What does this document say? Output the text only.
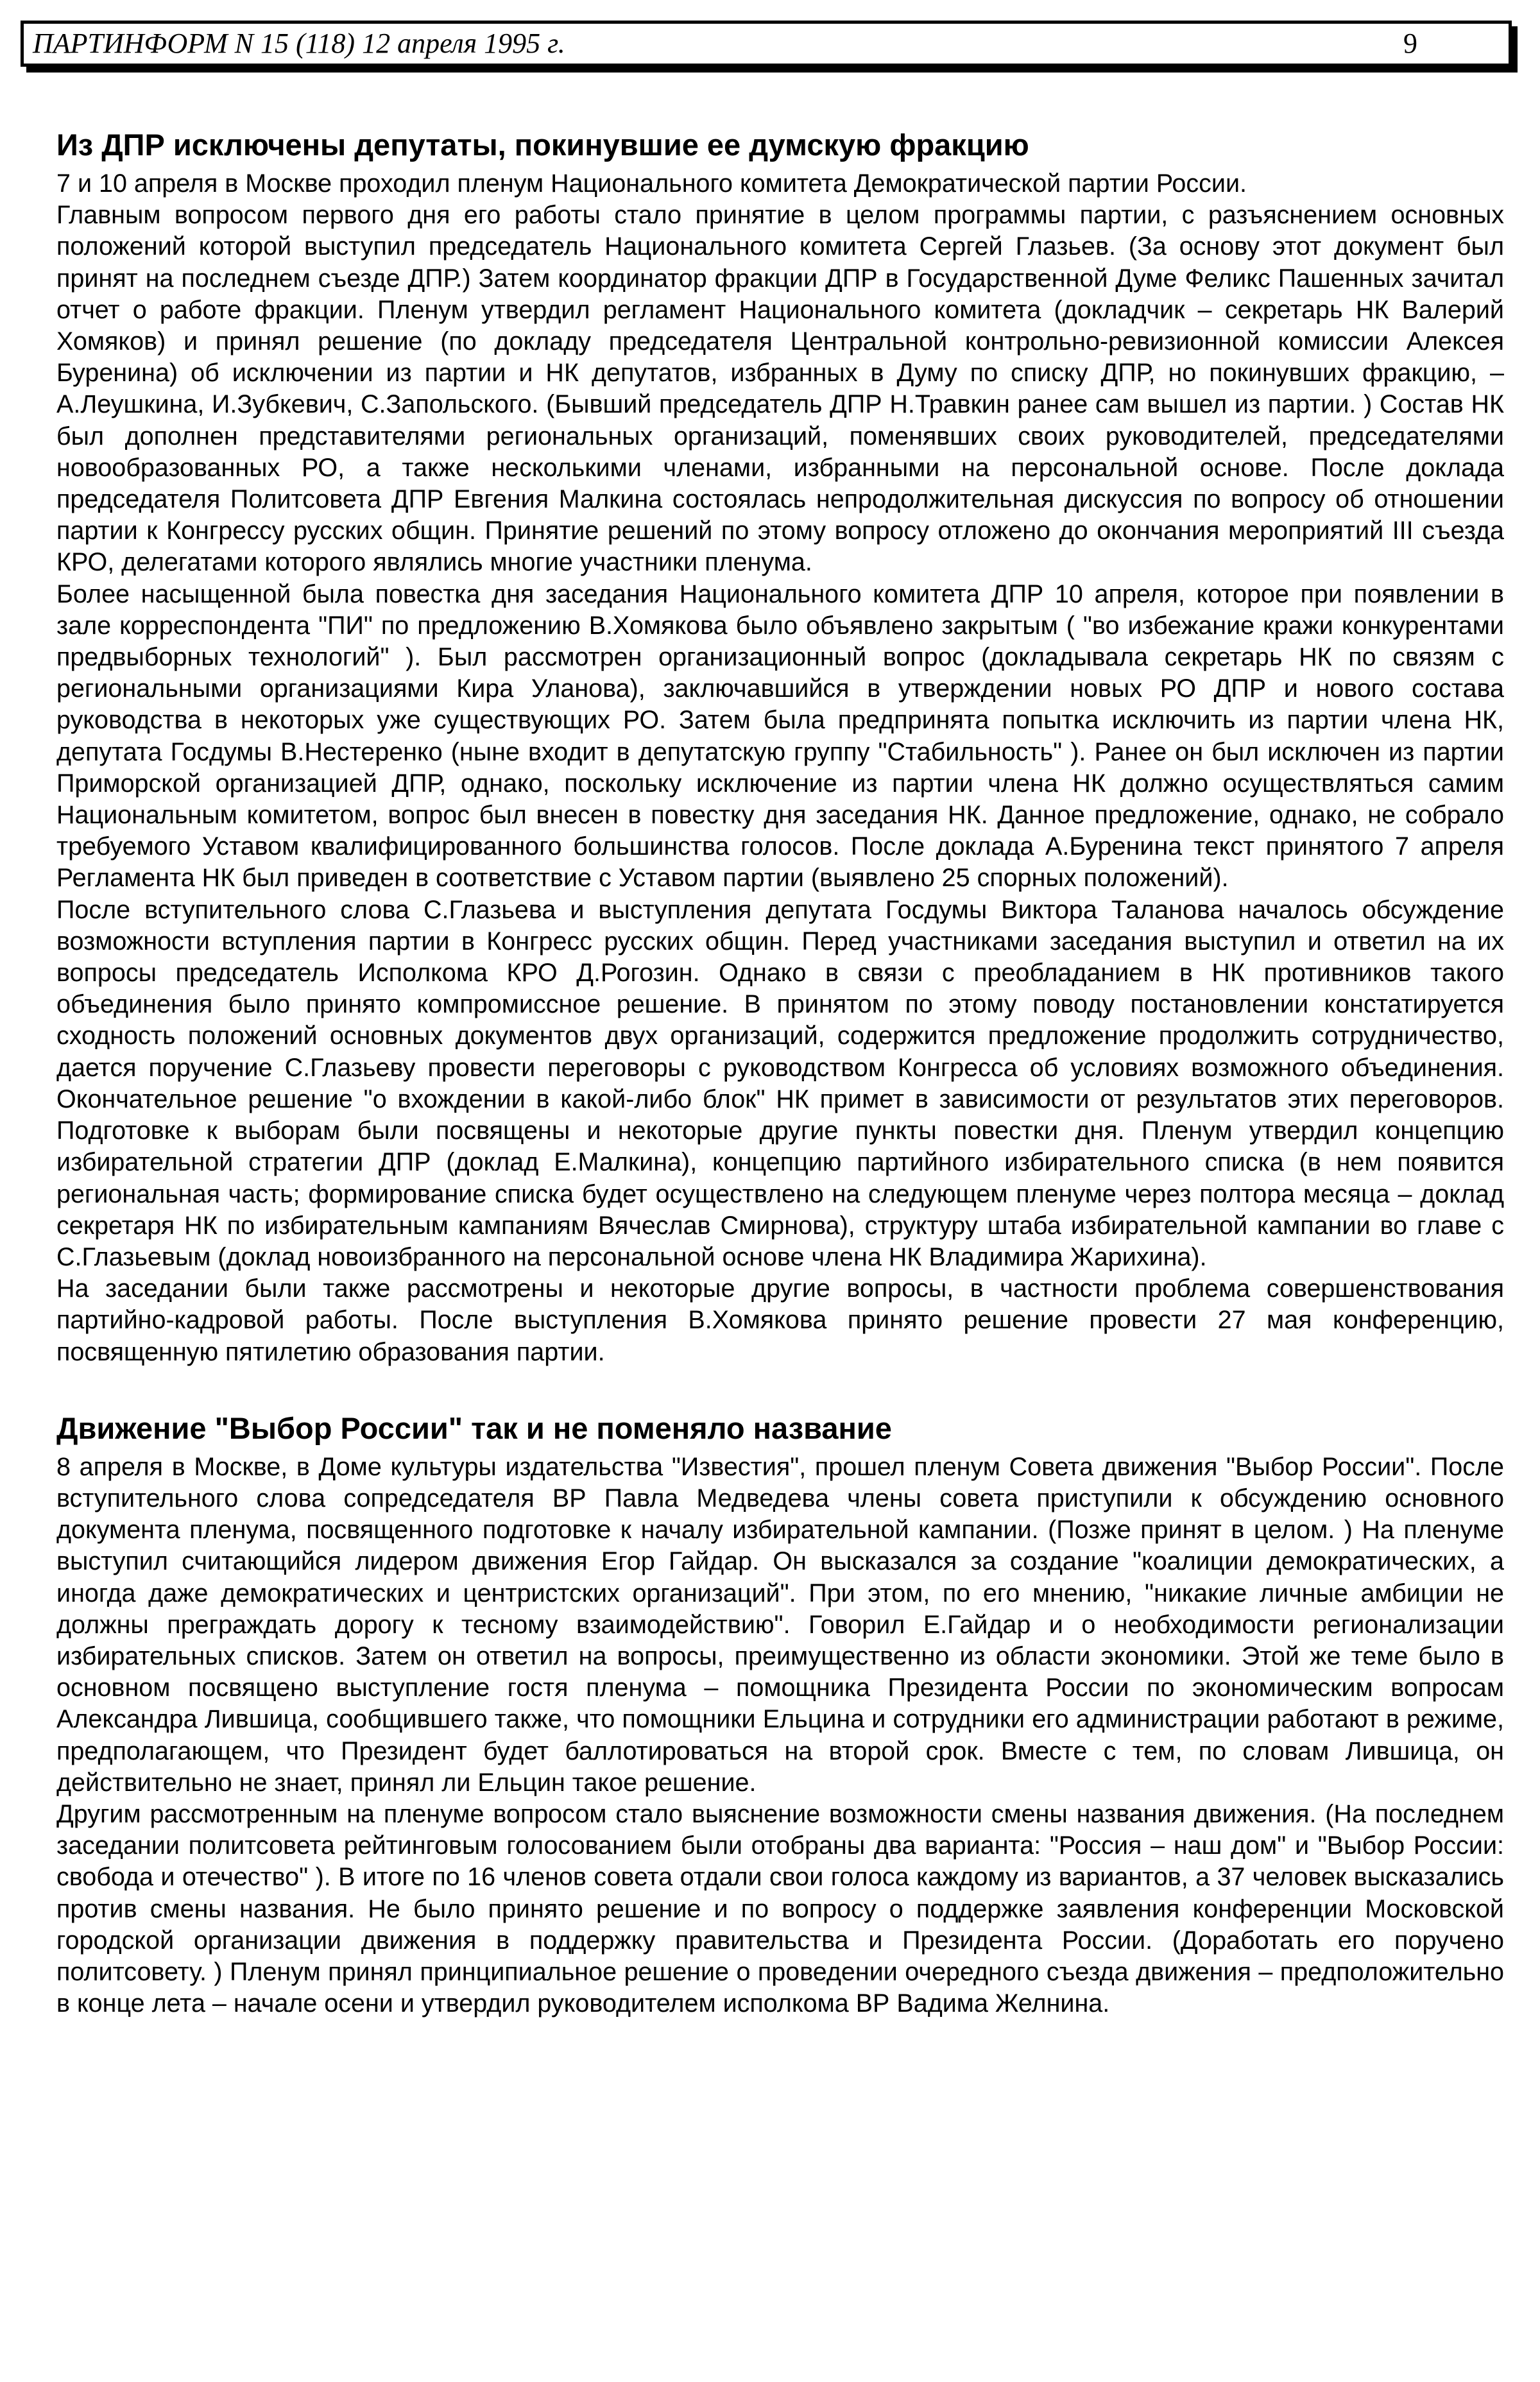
ПАРТИНФОРМ N 15 (118) 12 апреля 1995 г.	9
Из ДПР исключены депутаты, покинувшие ее думскую фракцию

7 и 10 апреля в Москве проходил пленум Национального комитета Демократической партии России.

Главным вопросом первого дня его работы стало принятие в целом программы партии, с разъяснением основных положений которой выступил председатель Национального комитета Сергей Глазьев. (За основу этот документ был принят на последнем съезде ДПР.) Затем координатор фракции ДПР в Государственной Думе Феликс Пашенных зачитал отчет о работе фракции. Пленум утвердил регламент Национального комитета (докладчик – секретарь НК Валерий Хомяков) и принял решение (по докладу председателя Центральной контрольно-ревизионной комиссии Алексея Буренина) об исключении из партии и НК депутатов, избранных в Думу по списку ДПР, но покинувших фракцию, – А.Леушкина, И.Зубкевич, С.Запольского. (Бывший председатель ДПР Н.Травкин ранее сам вышел из партии. ) Состав НК был дополнен представителями региональных организаций, поменявших своих руководителей, председателями новообразованных РО, а также несколькими членами, избранными на персональной основе. После доклада председателя Политсовета ДПР Евгения Малкина состоялась непродолжительная дискуссия по вопросу об отношении партии к Конгрессу русских общин. Принятие решений по этому вопросу отложено до окончания мероприятий III съезда КРО, делегатами которого являлись многие участники пленума.

Более насыщенной была повестка дня заседания Национального комитета ДПР 10 апреля, которое при появлении в зале корреспондента "ПИ" по предложению В.Хомякова было объявлено закрытым ( "во избежание кражи конкурентами предвыборных технологий" ). Был рассмотрен организационный вопрос (докладывала секретарь НК по связям с региональными организациями Кира Уланова), заключавшийся в утверждении новых РО ДПР и нового состава руководства в некоторых уже существующих РО. Затем была предпринята попытка исключить из партии члена НК, депутата Госдумы В.Нестеренко (ныне входит в депутатскую группу "Стабильность" ). Ранее он был исключен из партии Приморской организацией ДПР, однако, поскольку исключение из партии члена НК должно осуществляться самим Национальным комитетом, вопрос был внесен в повестку дня заседания НК. Данное предложение, однако, не собрало требуемого Уставом квалифицированного большинства голосов. После доклада А.Буренина текст принятого 7 апреля Регламента НК был приведен в соответствие с Уставом партии (выявлено 25 спорных положений).

После вступительного слова С.Глазьева и выступления депутата Госдумы Виктора Таланова началось обсуждение возможности вступления партии в Конгресс русских общин. Перед участниками заседания выступил и ответил на их вопросы председатель Исполкома КРО Д.Рогозин. Однако в связи с преобладанием в НК противников такого объединения было принято компромиссное решение. В принятом по этому поводу постановлении констатируется сходность положений основных документов двух организаций, содержится предложение продолжить сотрудничество, дается поручение С.Глазьеву провести переговоры с руководством Конгресса об условиях возможного объединения. Окончательное решение "о вхождении в какой-либо блок" НК примет в зависимости от результатов этих переговоров. Подготовке к выборам были посвящены и некоторые другие пункты повестки дня. Пленум утвердил концепцию избирательной стратегии ДПР (доклад Е.Малкина), концепцию партийного избирательного списка (в нем появится региональная часть; формирование списка будет осуществлено на следующем пленуме через полтора месяца – доклад секретаря НК по избирательным кампаниям Вячеслав Смирнова), структуру штаба избирательной кампании во главе с С.Глазьевым (доклад новоизбранного на персональной основе члена НК Владимира Жарихина).

На заседании были также рассмотрены и некоторые другие вопросы, в частности проблема совершенствования партийно-кадровой работы. После выступления В.Хомякова принято решение провести 27 мая конференцию, посвященную пятилетию образования партии.

Движение "Выбор России" так и не поменяло название

8 апреля в Москве, в Доме культуры издательства "Известия", прошел пленум Совета движения "Выбор России". После вступительного слова сопредседателя ВР Павла Медведева члены совета приступили к обсуждению основного документа пленума, посвященного подготовке к началу избирательной кампании. (Позже принят в целом. ) На пленуме выступил считающийся лидером движения Егор Гайдар. Он высказался за создание "коалиции демократических, а иногда даже демократических и центристских организаций". При этом, по его мнению, "никакие личные амбиции не должны преграждать дорогу к тесному взаимодействию". Говорил Е.Гайдар и о необходимости регионализации избирательных списков. Затем он ответил на вопросы, преимущественно из области экономики. Этой же теме было в основном посвящено выступление гостя пленума – помощника Президента России по экономическим вопросам Александра Лившица, сообщившего также, что помощники Ельцина и сотрудники его администрации работают в режиме, предполагающем, что Президент будет баллотироваться на второй срок. Вместе с тем, по словам Лившица, он действительно не знает, принял ли Ельцин такое решение.

Другим рассмотренным на пленуме вопросом стало выяснение возможности смены названия движения. (На последнем заседании политсовета рейтинговым голосованием были отобраны два варианта: "Россия – наш дом" и "Выбор России: свобода и отечество" ). В итоге по 16 членов совета отдали свои голоса каждому из вариантов, а 37 человек высказались против смены названия. Не было принято решение и по вопросу о поддержке заявления конференции Московской городской организации движения в поддержку правительства и Президента России. (Доработать его поручено политсовету. ) Пленум принял принципиальное решение о проведении очередного съезда движения – предположительно в конце лета – начале осени и утвердил руководителем исполкома ВР Вадима Желнина.
